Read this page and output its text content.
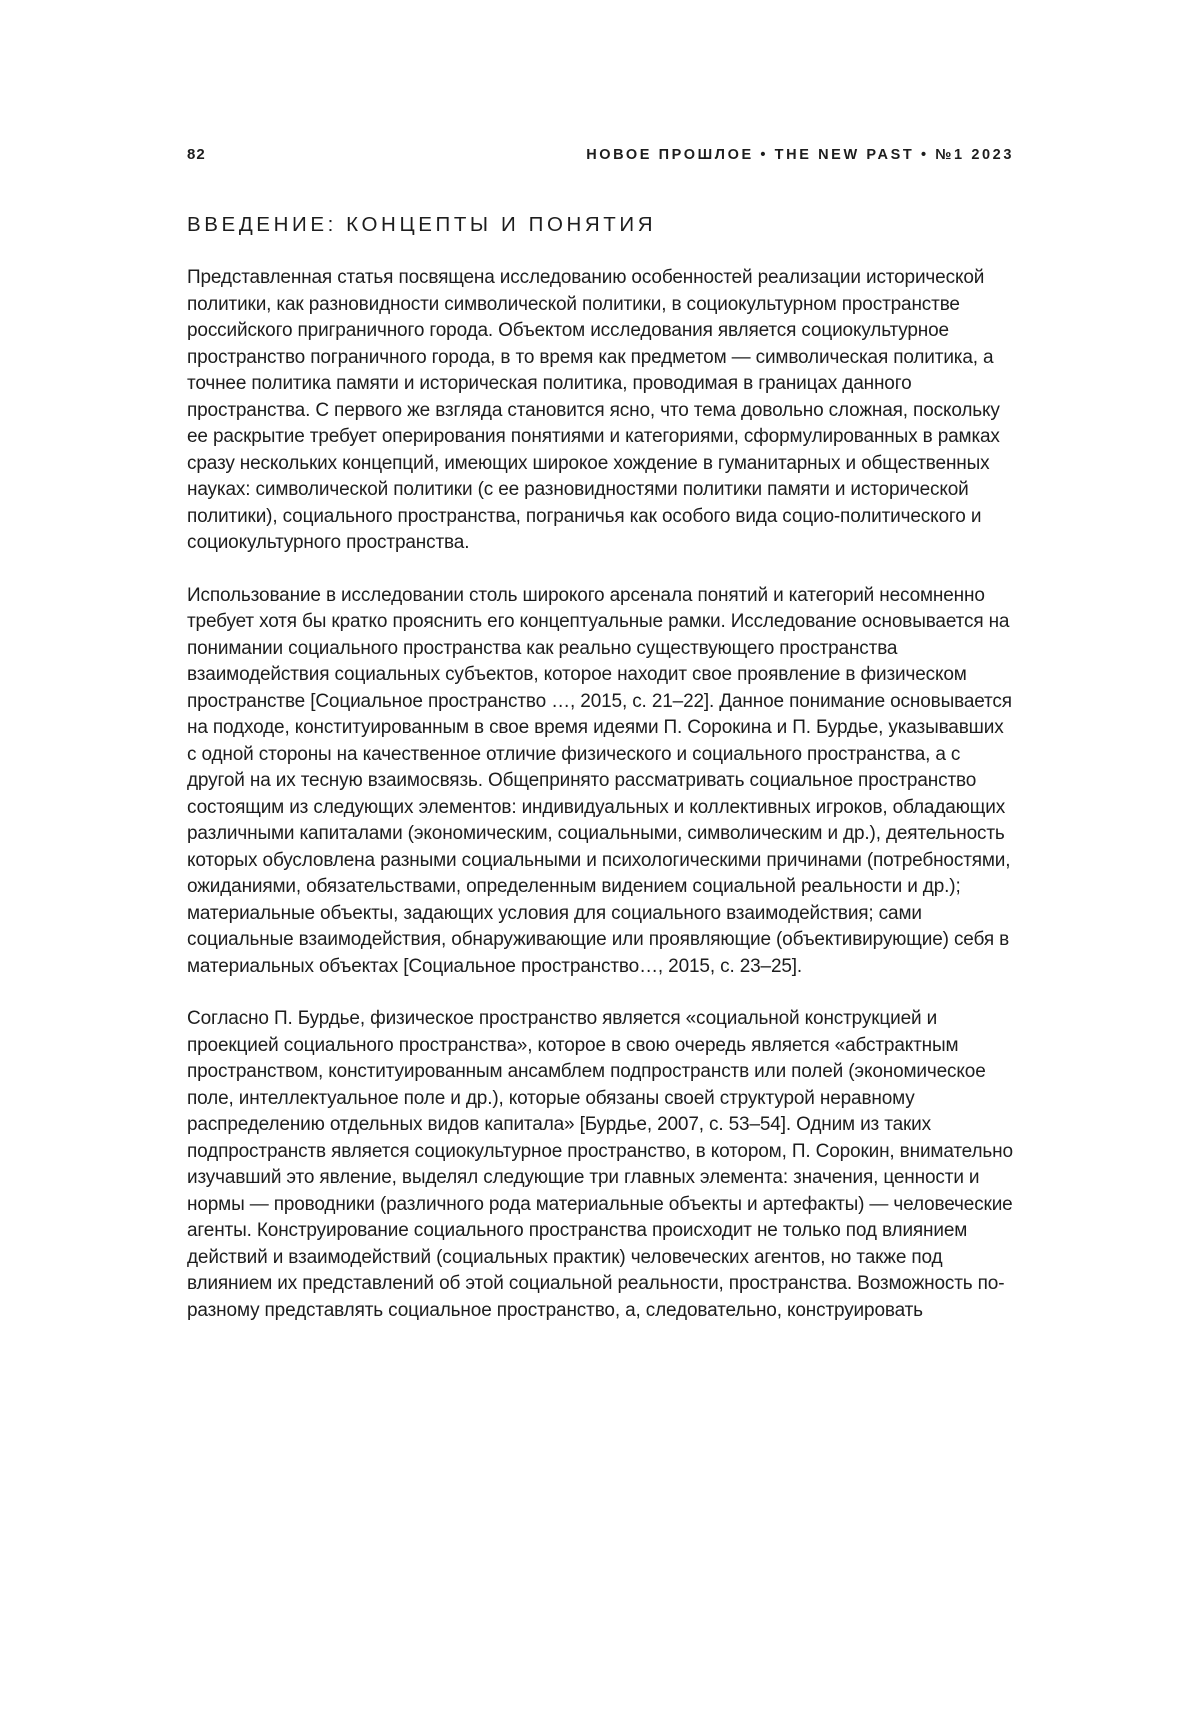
82	НОВОЕ ПРОШЛОЕ • THE NEW PAST • №1 2023
ВВЕДЕНИЕ: КОНЦЕПТЫ И ПОНЯТИЯ

Представленная статья посвящена исследованию особенностей реализации исторической политики, как разновидности символической политики, в социокультурном пространстве российского приграничного города. Объектом исследования является социокультурное пространство пограничного города, в то время как предметом — символическая политика, а точнее политика памяти и историческая политика, проводимая в границах данного пространства. С первого же взгляда становится ясно, что тема довольно сложная, поскольку ее раскрытие требует оперирования понятиями и категориями, сформулированных в рамках сразу нескольких концепций, имеющих широкое хождение в гуманитарных и общественных науках: символической политики (с ее разновидностями политики памяти и исторической политики), социального пространства, пограничья как особого вида социо-политического и социокультурного пространства.

Использование в исследовании столь широкого арсенала понятий и категорий несомненно требует хотя бы кратко прояснить его концептуальные рамки. Исследование основывается на понимании социального пространства как реально существующего пространства взаимодействия социальных субъектов, которое находит свое проявление в физическом пространстве [Социальное пространство …, 2015, с. 21–22]. Данное понимание основывается на подходе, конституированным в свое время идеями П. Сорокина и П. Бурдье, указывавших с одной стороны на качественное отличие физического и социального пространства, а с другой на их тесную взаимосвязь. Общепринято рассматривать социальное пространство состоящим из следующих элементов: индивидуальных и коллективных игроков, обладающих различными капиталами (экономическим, социальными, символическим и др.), деятельность которых обусловлена разными социальными и психологическими причинами (потребностями, ожиданиями, обязательствами, определенным видением социальной реальности и др.); материальные объекты, задающих условия для социального взаимодействия; сами социальные взаимодействия, обнаруживающие или проявляющие (объективирующие) себя в материальных объектах [Социальное пространство…, 2015, с. 23–25].

Согласно П. Бурдье, физическое пространство является «социальной конструкцией и проекцией социального пространства», которое в свою очередь является «абстрактным пространством, конституированным ансамблем подпространств или полей (экономическое поле, интеллектуальное поле и др.), которые обязаны своей структурой неравному распределению отдельных видов капитала» [Бурдье, 2007, с. 53–54]. Одним из таких подпространств является социокультурное пространство, в котором, П. Сорокин, внимательно изучавший это явление, выделял следующие три главных элемента: значения, ценности и нормы — проводники (различного рода материальные объекты и артефакты) — человеческие агенты. Конструирование социального пространства происходит не только под влиянием действий и взаимодействий (социальных практик) человеческих агентов, но также под влиянием их представлений об этой социальной реальности, пространства. Возможность по-разному представлять социальное пространство, а, следовательно, конструировать
